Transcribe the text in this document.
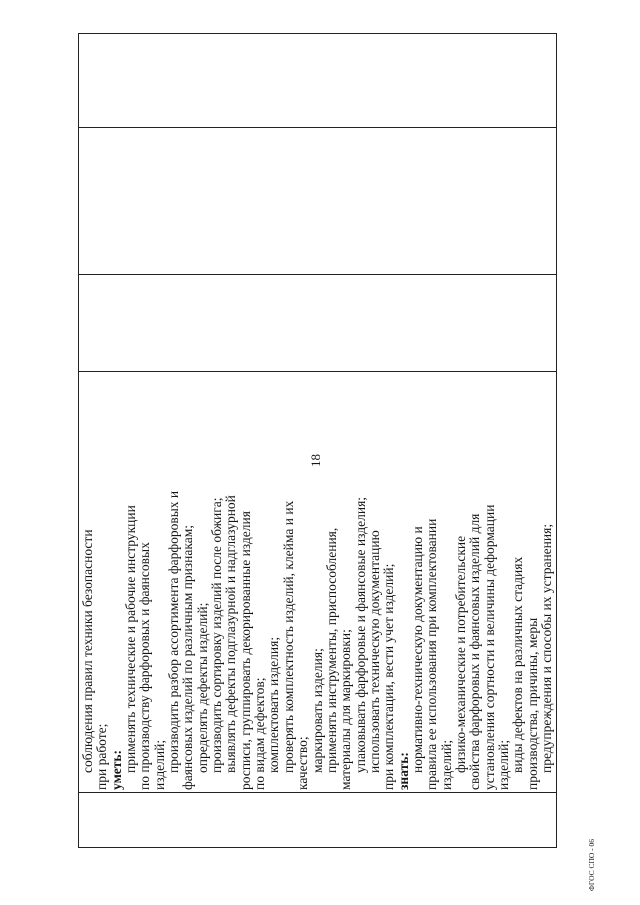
18
соблюдения правил техники безопасности при работе; уметь: применять технические и рабочие инструкции по производству фарфоровых и фаянсовых изделий; производить разбор ассортимента фарфоровых и фаянсовых изделий по различным признакам; определять дефекты изделий; производить сортировку изделий после обжига; выявлять дефекты подглазурной и надглазурной росписи, группировать декорированные изделия по видам дефектов; комплектовать изделия; проверять комплектность изделий, клейма и их качество; маркировать изделия; применять инструменты, приспособления, материалы для маркировки; упаковывать фарфоровые и фаянсовые изделия; использовать техническую документацию при комплектации, вести учет изделий; знать: нормативно-техническую документацию и правила ее использования при комплектовании изделий; физико-механические и потребительские свойства фарфоровых и фаянсовых изделий для установления сортности и величины деформации изделий; виды дефектов на различных стадиях производства, причины, меры предупреждения и способы их устранения;
ФГОС СПО - 06
